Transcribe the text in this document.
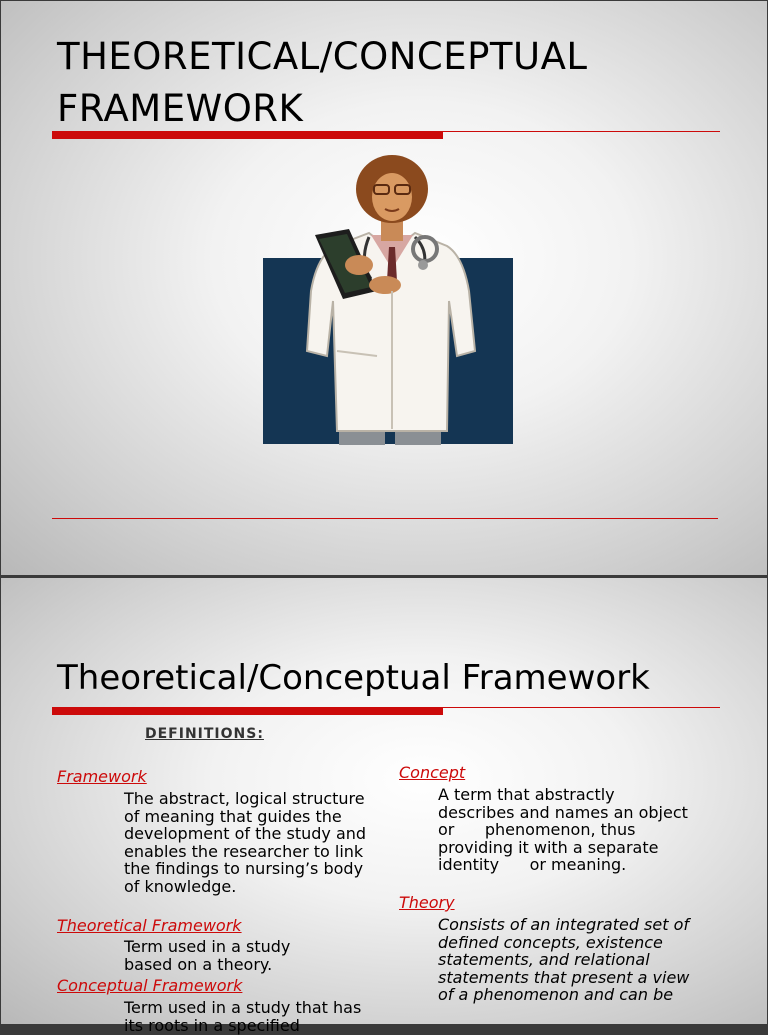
THEORETICAL/CONCEPTUAL
FRAMEWORK
Theoretical/Conceptual Framework
DEFINITIONS:
Framework
The abstract, logical structure of meaning that guides the development of the study and enables the researcher to link the findings to nursing’s body of knowledge.
Theoretical Framework
Term used in a study based on a theory.
Conceptual Framework
Term used in a study that has its roots in a specified
Concept
A term that abstractly describes and names an object or      phenomenon, thus providing it with a separate identity      or meaning.
Theory
Consists of an integrated set of defined concepts, existence statements, and relational statements that present a view of a phenomenon and can be
